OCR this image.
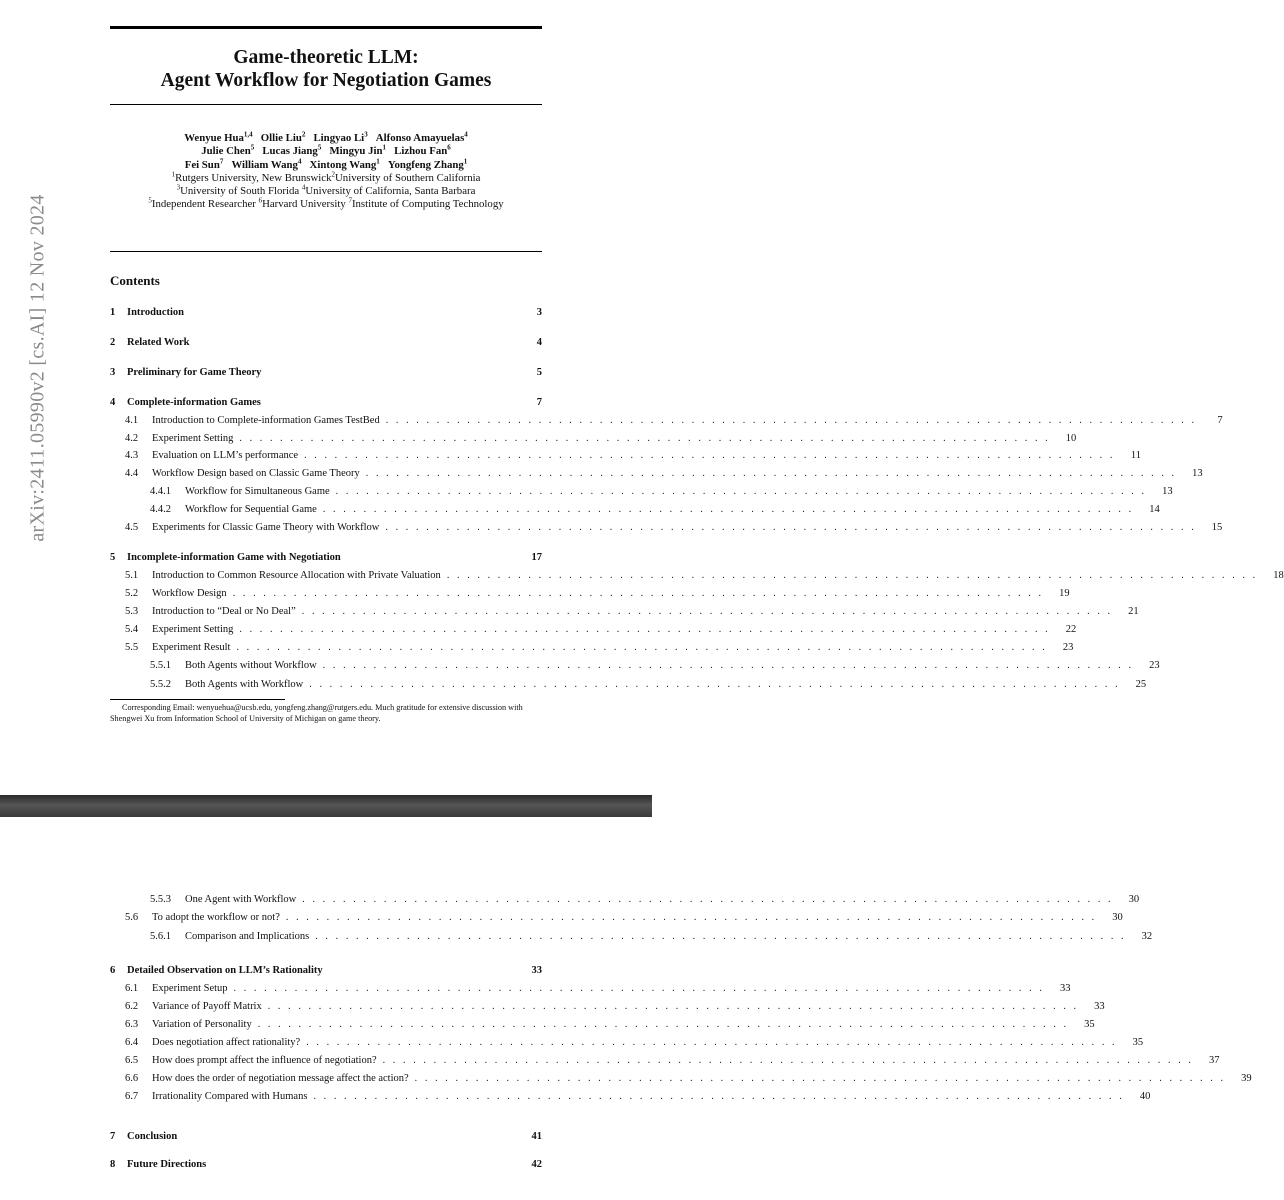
Game-theoretic LLM:
Agent Workflow for Negotiation Games
Wenyue Hua$^{1,4}$ Ollie Liu$^2$ Lingyao Li$^3$ Alfonso Amayuelas$^4$
Julie Chen$^5$ Lucas Jiang$^5$ Mingyu Jin$^1$ Lizhou Fan$^6$
Fei Sun$^7$ William Wang$^4$ Xintong Wang$^1$ Yongfeng Zhang$^1$
$^1$Rutgers University, New Brunswick$^2$University of Southern California
$^3$University of South Florida $^4$University of California, Santa Barbara
$^5$Independent Researcher $^6$Harvard University $^7$Institute of Computing Technology
Contents
1	Introduction	3
2	Related Work	4
3	Preliminary for Game Theory	5
4	Complete-information Games	7
4.1	Introduction to Complete-information Games TestBed . . . . . . . . . . . . . . . . . . . . . . . . . . . . . . . . . . . . . . . . . . . . . . . . . . . . . . . . . . . . . . . . . . . . . . . . . . . . . . . .	7
4.2	Experiment Setting . . . . . . . . . . . . . . . . . . . . . . . . . . . . . . . . . . . . . . . . . . . . . . . . . . . . . . . . . . . . . . . . . . . . . . . . . . . . . . . .	10
4.3	Evaluation on LLM’s performance . . . . . . . . . . . . . . . . . . . . . . . . . . . . . . . . . . . . . . . . . . . . . . . . . . . . . . . . . . . . . . . . . . . . . . . . . . . . . . . .	11
4.4	Workflow Design based on Classic Game Theory . . . . . . . . . . . . . . . . . . . . . . . . . . . . . . . . . . . . . . . . . . . . . . . . . . . . . . . . . . . . . . . . . . . . . . . . . . . . . . . .	13
4.4.1	Workflow for Simultaneous Game . . . . . . . . . . . . . . . . . . . . . . . . . . . . . . . . . . . . . . . . . . . . . . . . . . . . . . . . . . . . . . . . . . . . . . . . . . . . . . . .	13
4.4.2	Workflow for Sequential Game . . . . . . . . . . . . . . . . . . . . . . . . . . . . . . . . . . . . . . . . . . . . . . . . . . . . . . . . . . . . . . . . . . . . . . . . . . . . . . . .	14
4.5	Experiments for Classic Game Theory with Workflow . . . . . . . . . . . . . . . . . . . . . . . . . . . . . . . . . . . . . . . . . . . . . . . . . . . . . . . . . . . . . . . . . . . . . . . . . . . . . . . .	15
5	Incomplete-information Game with Negotiation	17
5.1	Introduction to Common Resource Allocation with Private Valuation . . . . . . . . . . . . . . . . . . . . . . . . . . . . . . . . . . . . . . . . . . . . . . . . . . . . . . . . . . . . . . . . . . . . . . . . . . . . . . . .	18
5.2	Workflow Design . . . . . . . . . . . . . . . . . . . . . . . . . . . . . . . . . . . . . . . . . . . . . . . . . . . . . . . . . . . . . . . . . . . . . . . . . . . . . . . .	19
5.3	Introduction to “Deal or No Deal” . . . . . . . . . . . . . . . . . . . . . . . . . . . . . . . . . . . . . . . . . . . . . . . . . . . . . . . . . . . . . . . . . . . . . . . . . . . . . . . .	21
5.4	Experiment Setting . . . . . . . . . . . . . . . . . . . . . . . . . . . . . . . . . . . . . . . . . . . . . . . . . . . . . . . . . . . . . . . . . . . . . . . . . . . . . . . .	22
5.5	Experiment Result . . . . . . . . . . . . . . . . . . . . . . . . . . . . . . . . . . . . . . . . . . . . . . . . . . . . . . . . . . . . . . . . . . . . . . . . . . . . . . . .	23
5.5.1	Both Agents without Workflow . . . . . . . . . . . . . . . . . . . . . . . . . . . . . . . . . . . . . . . . . . . . . . . . . . . . . . . . . . . . . . . . . . . . . . . . . . . . . . . .	23
5.5.2	Both Agents with Workflow . . . . . . . . . . . . . . . . . . . . . . . . . . . . . . . . . . . . . . . . . . . . . . . . . . . . . . . . . . . . . . . . . . . . . . . . . . . . . . . .	25
Corresponding Email: wenyuehua@ucsb.edu, yongfeng.zhang@rutgers.edu. Much gratitude for extensive discussion with Shengwei Xu from Information School of University of Michigan on game theory.
arXiv:2411.05990v2 [cs.AI] 12 Nov 2024
5.5.3	One Agent with Workflow . . . . . . . . . . . . . . . . . . . . . . . . . . . . . . . . . . . . . . . . . . . . . . . . . . . . . . . . . . . . . . . . . . . . . . . . . . . . . . . .	30
5.6	To adopt the workflow or not? . . . . . . . . . . . . . . . . . . . . . . . . . . . . . . . . . . . . . . . . . . . . . . . . . . . . . . . . . . . . . . . . . . . . . . . . . . . . . . . .	30
5.6.1	Comparison and Implications . . . . . . . . . . . . . . . . . . . . . . . . . . . . . . . . . . . . . . . . . . . . . . . . . . . . . . . . . . . . . . . . . . . . . . . . . . . . . . . .	32
6	Detailed Observation on LLM’s Rationality	33
6.1	Experiment Setup . . . . . . . . . . . . . . . . . . . . . . . . . . . . . . . . . . . . . . . . . . . . . . . . . . . . . . . . . . . . . . . . . . . . . . . . . . . . . . . .	33
6.2	Variance of Payoff Matrix . . . . . . . . . . . . . . . . . . . . . . . . . . . . . . . . . . . . . . . . . . . . . . . . . . . . . . . . . . . . . . . . . . . . . . . . . . . . . . . .	33
6.3	Variation of Personality . . . . . . . . . . . . . . . . . . . . . . . . . . . . . . . . . . . . . . . . . . . . . . . . . . . . . . . . . . . . . . . . . . . . . . . . . . . . . . . .	35
6.4	Does negotiation affect rationality? . . . . . . . . . . . . . . . . . . . . . . . . . . . . . . . . . . . . . . . . . . . . . . . . . . . . . . . . . . . . . . . . . . . . . . . . . . . . . . . .	35
6.5	How does prompt affect the influence of negotiation? . . . . . . . . . . . . . . . . . . . . . . . . . . . . . . . . . . . . . . . . . . . . . . . . . . . . . . . . . . . . . . . . . . . . . . . . . . . . . . . .	37
6.6	How does the order of negotiation message affect the action? . . . . . . . . . . . . . . . . . . . . . . . . . . . . . . . . . . . . . . . . . . . . . . . . . . . . . . . . . . . . . . . . . . . . . . . . . . . . . . . .	39
6.7	Irrationality Compared with Humans . . . . . . . . . . . . . . . . . . . . . . . . . . . . . . . . . . . . . . . . . . . . . . . . . . . . . . . . . . . . . . . . . . . . . . . . . . . . . . . .	40
7	Conclusion	41
8	Future Directions	42
